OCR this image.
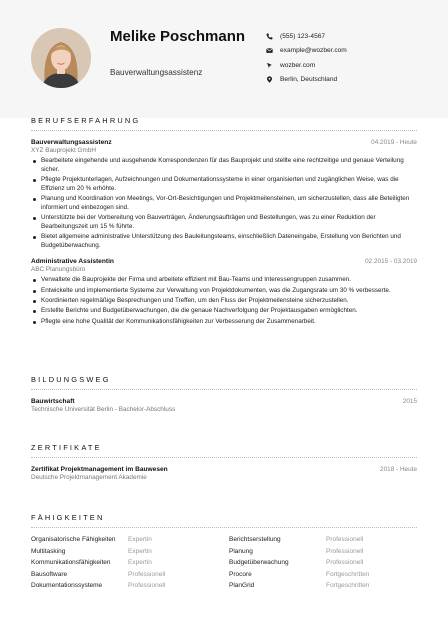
Melike Poschmann
Bauverwaltungsassistenz
(555) 123-4567
example@wozber.com
wozber.com
Berlin, Deutschland
BERUFSERFAHRUNG
Bauverwaltungsassistenz	04.2019 - Heute
XYZ Bauprojekt GmbH
Bearbeitete eingehende und ausgehende Korrespondenzen für das Bauprojekt und stellte eine rechtzeitige und genaue Verteilung sicher.
Pflegte Projektunterlagen, Aufzeichnungen und Dokumentationssysteme in einer organisierten und zugänglichen Weise, was die Effizienz um 20 % erhöhte.
Planung und Koordination von Meetings, Vor-Ort-Besichtigungen und Projektmeilensteinen, um sicherzustellen, dass alle Beteiligten informiert und einbezogen sind.
Unterstützte bei der Vorbereitung von Bauverträgen, Änderungsaufträgen und Bestellungen, was zu einer Reduktion der Bearbeitungszeit um 15 % führte.
Bietet allgemeine administrative Unterstützung des Bauleitungsteams, einschließlich Dateneingabe, Erstellung von Berichten und Budgetüberwachung.
Administrative Assistentin	02.2015 - 03.2019
ABC Planungsbüro
Verwaltete die Bauprojekte der Firma und arbeitete effizient mit Bau-Teams und Interessengruppen zusammen.
Entwickelte und implementierte Systeme zur Verwaltung von Projektdokumenten, was die Zugangsrate um 30 % verbesserte.
Koordinierten regelmäßige Besprechungen und Treffen, um den Fluss der Projektmeilensteine sicherzustellen.
Erstellte Berichte und Budgetüberwachungen, die die genaue Nachverfolgung der Projektausgaben ermöglichten.
Pflegte eine hohe Qualität der Kommunikationsfähigkeiten zur Verbesserung der Zusammenarbeit.
BILDUNGSWEG
Bauwirtschaft	2015
Technische Universität Berlin - Bachelor-Abschluss
ZERTIFIKATE
Zertifikat Projektmanagement im Bauwesen	2018 - Heute
Deutsche Projektmanagement Akademie
FÄHIGKEITEN
Organisatorische Fähigkeiten	Expertin	Berichtserstellung	Professionell
Multitasking	Expertin	Planung	Professionell
Kommunikationsfähigkeiten	Expertin	Budgetüberwachung	Professionell
Bausoftware	Professionell	Procore	Fortgeschritten
Dokumentationssysteme	Professionell	PlanGrid	Fortgeschritten
